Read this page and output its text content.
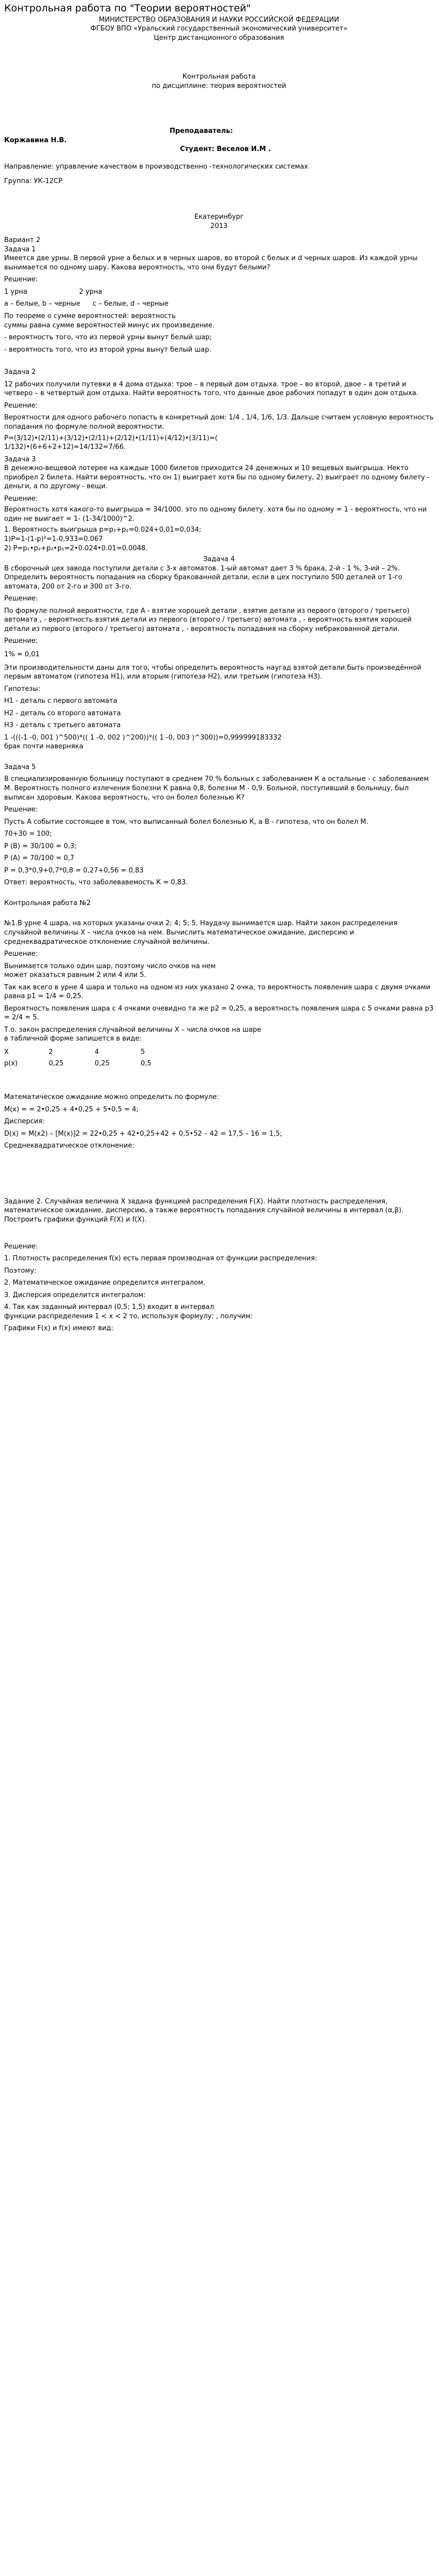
Контрольная работа по "Теории вероятностей"

МИНИСТЕРСТВО ОБРАЗОВАНИЯ И НАУКИ РОССИЙСКОЙ ФЕДЕРАЦИИ

ФГБОУ ВПО «Уральский государственный экономический университет»

Центр дистанционного образования

Контрольная работа

по дисциплине: теория вероятностей

Преподаватель:

Коржавина Н.В.

Студент: Веселов И.М .

Направление: управление качеством в производственно -технологических системах

Группа: УК-12СР

Екатеринбург

2013

Вариант 2

Задача 1

Имеется две урны. В первой урне а белых и в черных шаров, во второй с белых и d черных шаров. Из каждой урны вынимается по одному шару. Какова вероятность, что они будут белыми?

Решение:

1 урна	2 урна
а – белые, b – черные c – белые, d – черные

По теореме о сумме вероятностей: вероятность
суммы равна сумме вероятностей минус их произведение.

- вероятность того, что из первой урны вынут белый шар;

- вероятность того, что из второй урны вынут белый шар.

Задача 2

12 рабочих получили путевки в 4 дома отдыха: трое – в первый дом отдыха. трое – во второй, двое – в третий и четверо – в четвертый дом отдыха. Найти вероятность того, что данные двое рабочих попадут в один дом отдыха.

Решение:

Вероятности для одного рабочего попасть в конкретный дом: 1/4 , 1/4, 1/6, 1/3. Дальше считаем условную вероятность попадания по формуле полной вероятности.

P=(3/12)•(2/11)+(3/12)•(2/11)+(2/12)•(1/11)+(4/12)•(3/11)=(
1/132)•(6+6+2+12)=14/132=7/66.

Задача 3

В денежно-вещевой лотерее на каждые 1000 билетов приходится 24 денежных и 10 вещевых выигрыша. Некто приобрел 2 билета. Найти вероятность, что он 1) выиграет хотя бы по одному билету, 2) выиграет по одному билету - деньги, а по другому - вещи.

Решение:

Вероятность хотя какого-то выигрыша = 34/1000. это по одному билету. хотя бы по одному = 1 - вероятность, что ни один не выигает = 1- (1-34/1000)^2.

1. Вероятность выигрыша p=p₁+p₂=0.024+0,01=0,034;
1)P=1-(1-p)²=1-0,933=0.067

2) P=p₁•p₂+p₂•p₁=2•0.024•0.01=0.0048.

Задача 4

В сборочный цех завода поступили детали с 3-х автоматов. 1-ый автомат дает 3 % брака, 2-й - 1 %, 3-ий – 2%. Определить вероятность попадания на сборку бракованной детали, если в цех поступило 500 деталей от 1-го автомата, 200 от 2-го и 300 от 3-го.

Решение:

По формуле полной вероятности, где А - взятие хорошей детали , взятие детали из первого (второго / третьего) автомата , - вероятность взятия детали из первого (второго / третьего) автомата , - вероятность взятия хорошей детали из первого (второго / третьего) автомата , - вероятность попадания на сборку небракованной детали.

Решение:

1% = 0,01

Эти производительности даны для того, чтобы определить вероятность наугад взятой детали быть произведённой первым автоматом (гипотеза H1), или вторым (гипотеза H2), или третьим (гипотеза H3).

Гипотезы:

H1 - деталь с первого автомата

H2 - деталь со второго автомата

H3 - деталь с третьего автомата

1 -(((-1 -0, 001 )^500)*(( 1 -0, 002 )^200))*(( 1 -0, 003 )^300))=0,999999183332
брак почти наверняка

Задача 5

В специализированную больницу поступают в среднем 70 % больных с заболеванием К а остальные - с заболеванием М. Вероятность полного излечения болезни К равна 0,8, болезни М - 0,9. Больной, поступивший в больницу, был выписан здоровым. Какова вероятность, что он болел болезнью К?

Решение:

Пусть А событие состоящее в том, что выписанный болел болезнью К, а В - гипотеза, что он болел М.

70+30 = 100;

P (В) = 30/100 = 0,3;

P (А) = 70/100 = 0,7

P = 0,3*0,9+0,7*0,8 = 0,27+0,56 = 0,83

Ответ: вероятность, что заболевавемость К = 0,83.

Контрольная работа №2

№1.В урне 4 шара, на которых указаны очки 2; 4; 5; 5. Наудачу вынимается шар. Найти закон распределения случайной величины Х – числа очков на нем. Вычислить математическое ожидание, дисперсию и среднеквадратическое отклонение случайной величины.

Решение:

Вынимается только один шар, поэтому число очков на нем
может оказаться равным 2 или 4 или 5.

Так как всего в урне 4 шара и только на одном из них указано 2 очка, то вероятность появления шара с двумя очками равна p1 = 1/4 = 0,25.

Вероятность появления шара с 4 очками очевидно та же p2 = 0,25, а вероятность появления шара с 5 очками равна p3 = 2/4 = 5.

Т.о. закон распределения случайной величины Х – числа очков на шаре
в табличной форме запишется в виде:

X	2	4	5
p(x)	0,25	0,25	0,5

Математическое ожидание можно определить по формуле:

M(x) = = 2•0,25 + 4•0,25 + 5•0,5 = 4;

Дисперсия:

D(x) = M(x2) – [M(x)]2 = 22•0,25 + 42•0,25+42 + 0,5•52 – 42 = 17,5 – 16 = 1,5;

Среднеквадратическое отклонение:

Задание 2. Случайная величина Х задана функцией распределения F(X). Найти плотность распределения, математическое ожидание, дисперсию, а также вероятность попадания случайной величины в интервал (α,β). Построить графики функций F(X) и f(X).

Решение:

1. Плотность распределения f(x) есть первая производная от функции распределения:

Поэтому:

2. Математическое ожидание определится интегралом.

3. Дисперсия определится интегралом:

4. Так как заданный интервал (0,5; 1,5) входит в интервал
функции распределения 1 < x < 2 то, используя формулу: , получим:

Графики F(x) и f(x) имеют вид:
